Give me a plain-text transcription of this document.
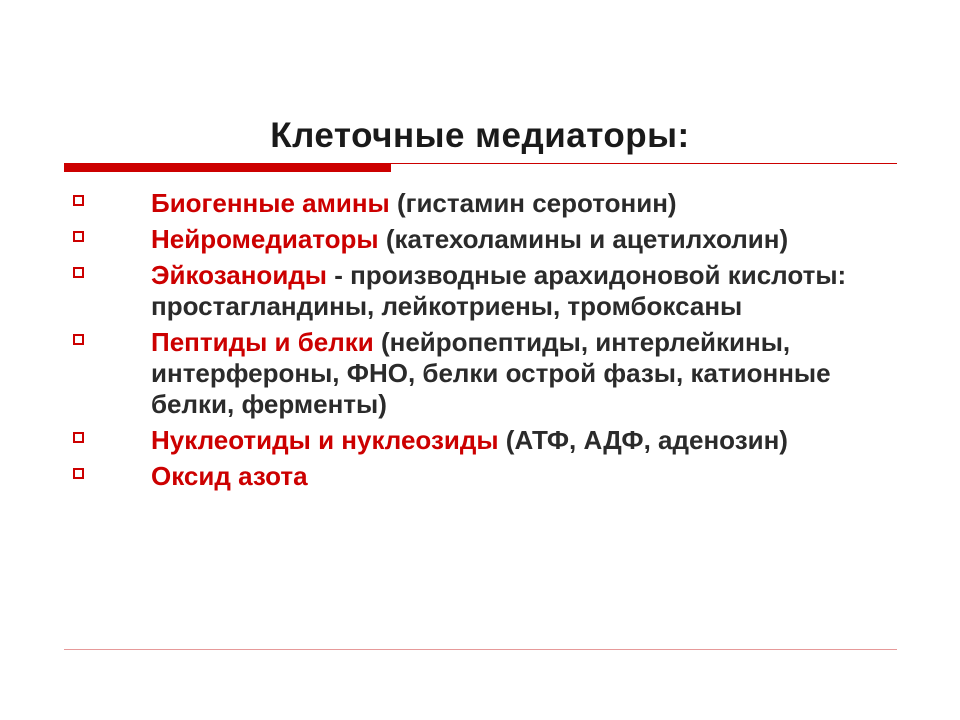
Клеточные медиаторы:
Биогенные амины (гистамин серотонин)
Нейромедиаторы (катехоламины и ацетилхолин)
Эйкозаноиды - производные арахидоновой кислоты: простагландины, лейкотриены, тромбоксаны
Пептиды и белки (нейропептиды, интерлейкины, интерфероны, ФНО, белки острой фазы, катионные белки, ферменты)
Нуклеотиды и нуклеозиды (АТФ, АДФ, аденозин)
Оксид азота
